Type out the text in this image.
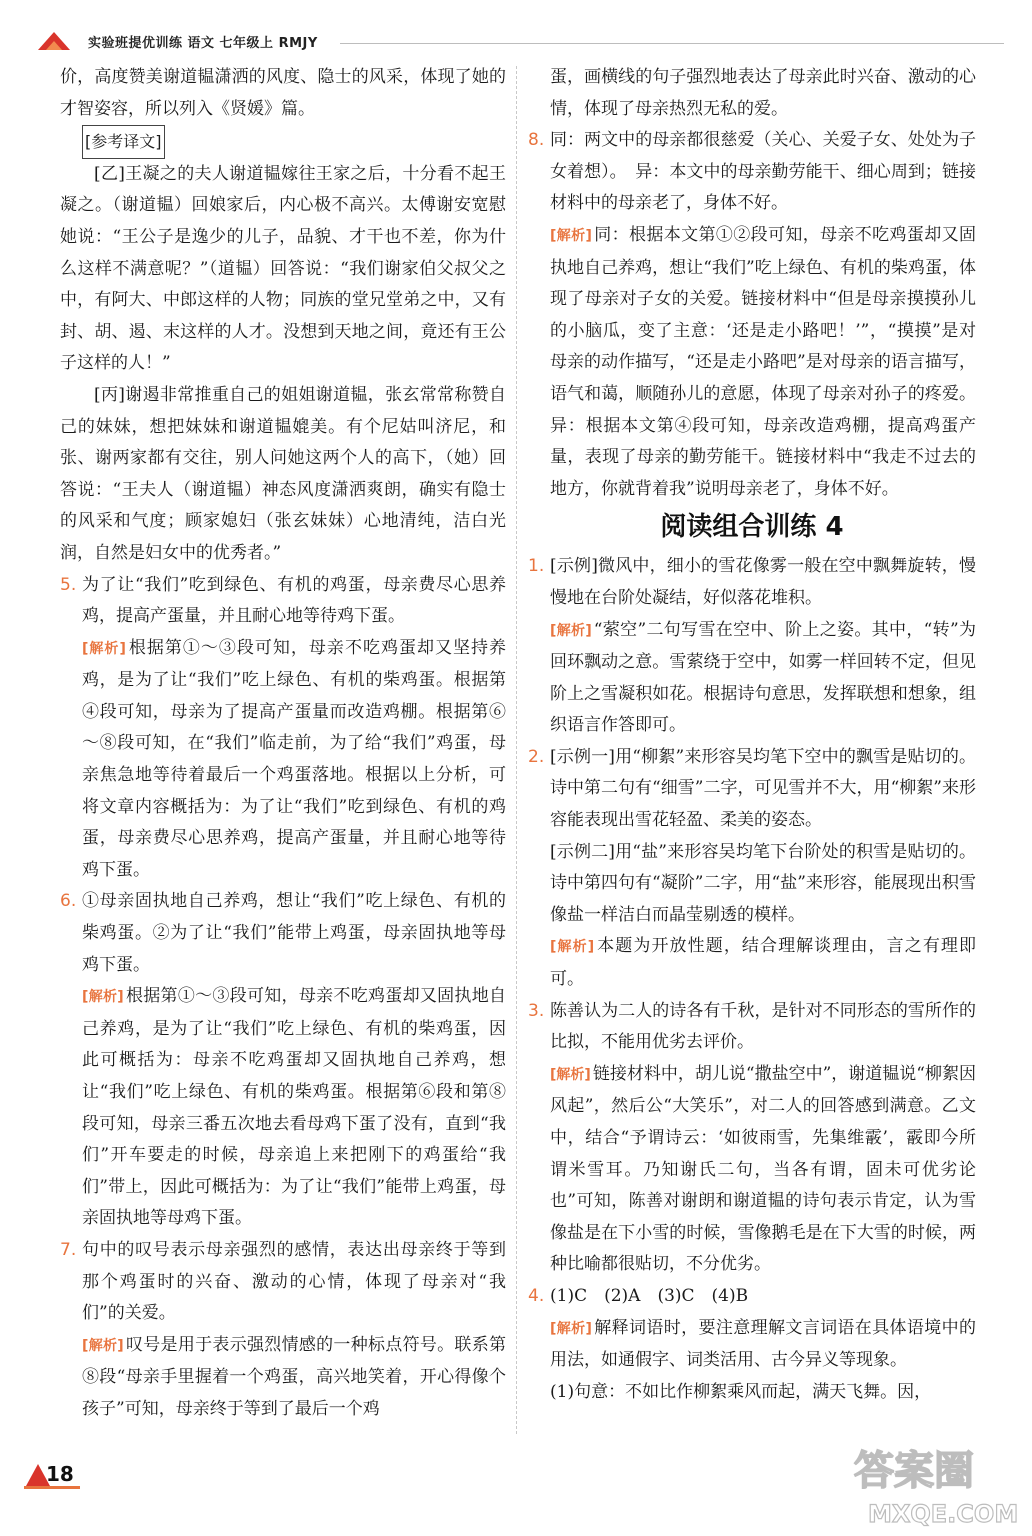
实验班提优训练 语文 七年级上 RMJY

价，高度赞美谢道韫潇洒的风度、隐士的风采，体现了她的才智姿容，所以列入《贤媛》篇。

[参考译文]

[乙]王凝之的夫人谢道韫嫁往王家之后，十分看不起王凝之。（谢道韫）回娘家后，内心极不高兴。太傅谢安宽慰她说：“王公子是逸少的儿子，品貌、才干也不差，你为什么这样不满意呢？”（道韫）回答说：“我们谢家伯父叔父之中，有阿大、中郎这样的人物；同族的堂兄堂弟之中，又有封、胡、遏、末这样的人才。没想到天地之间，竟还有王公子这样的人！”

[丙]谢遏非常推重自己的姐姐谢道韫，张玄常常称赞自己的妹妹，想把妹妹和谢道韫媲美。有个尼姑叫济尼，和张、谢两家都有交往，别人问她这两个人的高下，（她）回答说：“王夫人（谢道韫）神态风度潇洒爽朗，确实有隐士的风采和气度；顾家媳妇（张玄妹妹）心地清纯，洁白光润，自然是妇女中的优秀者。”

5. 为了让“我们”吃到绿色、有机的鸡蛋，母亲费尽心思养鸡，提高产蛋量，并且耐心地等待鸡下蛋。

[ 解析 ] 根据第①～③段可知，母亲不吃鸡蛋却又坚持养鸡，是为了让“我们”吃上绿色、有机的柴鸡蛋。根据第④段可知，母亲为了提高产蛋量而改造鸡棚。根据第⑥～⑧段可知，在“我们”临走前，为了给“我们”鸡蛋，母亲焦急地等待着最后一个鸡蛋落地。根据以上分析，可将文章内容概括为：为了让“我们”吃到绿色、有机的鸡蛋，母亲费尽心思养鸡，提高产蛋量，并且耐心地等待鸡下蛋。

6. ①母亲固执地自己养鸡，想让“我们”吃上绿色、有机的柴鸡蛋。②为了让“我们”能带上鸡蛋，母亲固执地等母鸡下蛋。

[ 解析 ] 根据第①～③段可知，母亲不吃鸡蛋却又固执地自己养鸡，是为了让“我们”吃上绿色、有机的柴鸡蛋，因此可概括为：母亲不吃鸡蛋却又固执地自己养鸡，想让“我们”吃上绿色、有机的柴鸡蛋。根据第⑥段和第⑧段可知，母亲三番五次地去看母鸡下蛋了没有，直到“我们”开车要走的时候，母亲追上来把刚下的鸡蛋给“我们”带上，因此可概括为：为了让“我们”能带上鸡蛋，母亲固执地等母鸡下蛋。

7. 句中的叹号表示母亲强烈的感情，表达出母亲终于等到那个鸡蛋时的兴奋、激动的心情，体现了母亲对“我们”的关爱。

[ 解析 ] 叹号是用于表示强烈情感的一种标点符号。联系第⑧段“母亲手里握着一个鸡蛋，高兴地笑着，开心得像个孩子”可知，母亲终于等到了最后一个鸡

蛋，画横线的句子强烈地表达了母亲此时兴奋、激动的心情，体现了母亲热烈无私的爱。

8. 同：两文中的母亲都很慈爱（关心、关爱子女、处处为子女着想）。　异：本文中的母亲勤劳能干、细心周到；链接材料中的母亲老了，身体不好。

[ 解析 ] 同：根据本文第①②段可知，母亲不吃鸡蛋却又固执地自己养鸡，想让“我们”吃上绿色、有机的柴鸡蛋，体现了母亲对子女的关爱。链接材料中“但是母亲摸摸孙儿的小脑瓜，变了主意：‘还是走小路吧！’”，“摸摸”是对母亲的动作描写，“还是走小路吧”是对母亲的语言描写，语气和蔼，顺随孙儿的意愿，体现了母亲对孙子的疼爱。异：根据本文第④段可知，母亲改造鸡棚，提高鸡蛋产量，表现了母亲的勤劳能干。链接材料中“我走不过去的地方，你就背着我”说明母亲老了，身体不好。

阅读组合训练 4
1. [示例]微风中，细小的雪花像雾一般在空中飘舞旋转，慢慢地在台阶处凝结，好似落花堆积。

[ 解析 ] “萦空”二句写雪在空中、阶上之姿。其中，“转”为回环飘动之意。雪萦绕于空中，如雾一样回转不定，但见阶上之雪凝积如花。根据诗句意思，发挥联想和想象，组织语言作答即可。

2. [示例一]用“柳絮”来形容吴均笔下空中的飘雪是贴切的。诗中第二句有“细雪”二字，可见雪并不大，用“柳絮”来形容能表现出雪花轻盈、柔美的姿态。

[示例二]用“盐”来形容吴均笔下台阶处的积雪是贴切的。诗中第四句有“凝阶”二字，用“盐”来形容，能展现出积雪像盐一样洁白而晶莹剔透的模样。

[ 解析 ] 本题为开放性题，结合理解谈理由，言之有理即可。

3. 陈善认为二人的诗各有千秋，是针对不同形态的雪所作的比拟，不能用优劣去评价。

[ 解析 ] 链接材料中，胡儿说“撒盐空中”，谢道韫说“柳絮因风起”，然后公“大笑乐”，对二人的回答感到满意。乙文中，结合“予谓诗云：‘如彼雨雪，先集维霰’，霰即今所谓米雪耳。乃知谢氏二句，当各有谓，固未可优劣论也”可知，陈善对谢朗和谢道韫的诗句表示肯定，认为雪像盐是在下小雪的时候，雪像鹅毛是在下大雪的时候，两种比喻都很贴切，不分优劣。

4. (1)C　(2)A　(3)C　(4)B

[ 解析 ] 解释词语时，要注意理解文言词语在具体语境中的用法，如通假字、词类活用、古今异义等现象。

(1)句意：不如比作柳絮乘风而起，满天飞舞。因，

18	答案圈
MXQE.COM
